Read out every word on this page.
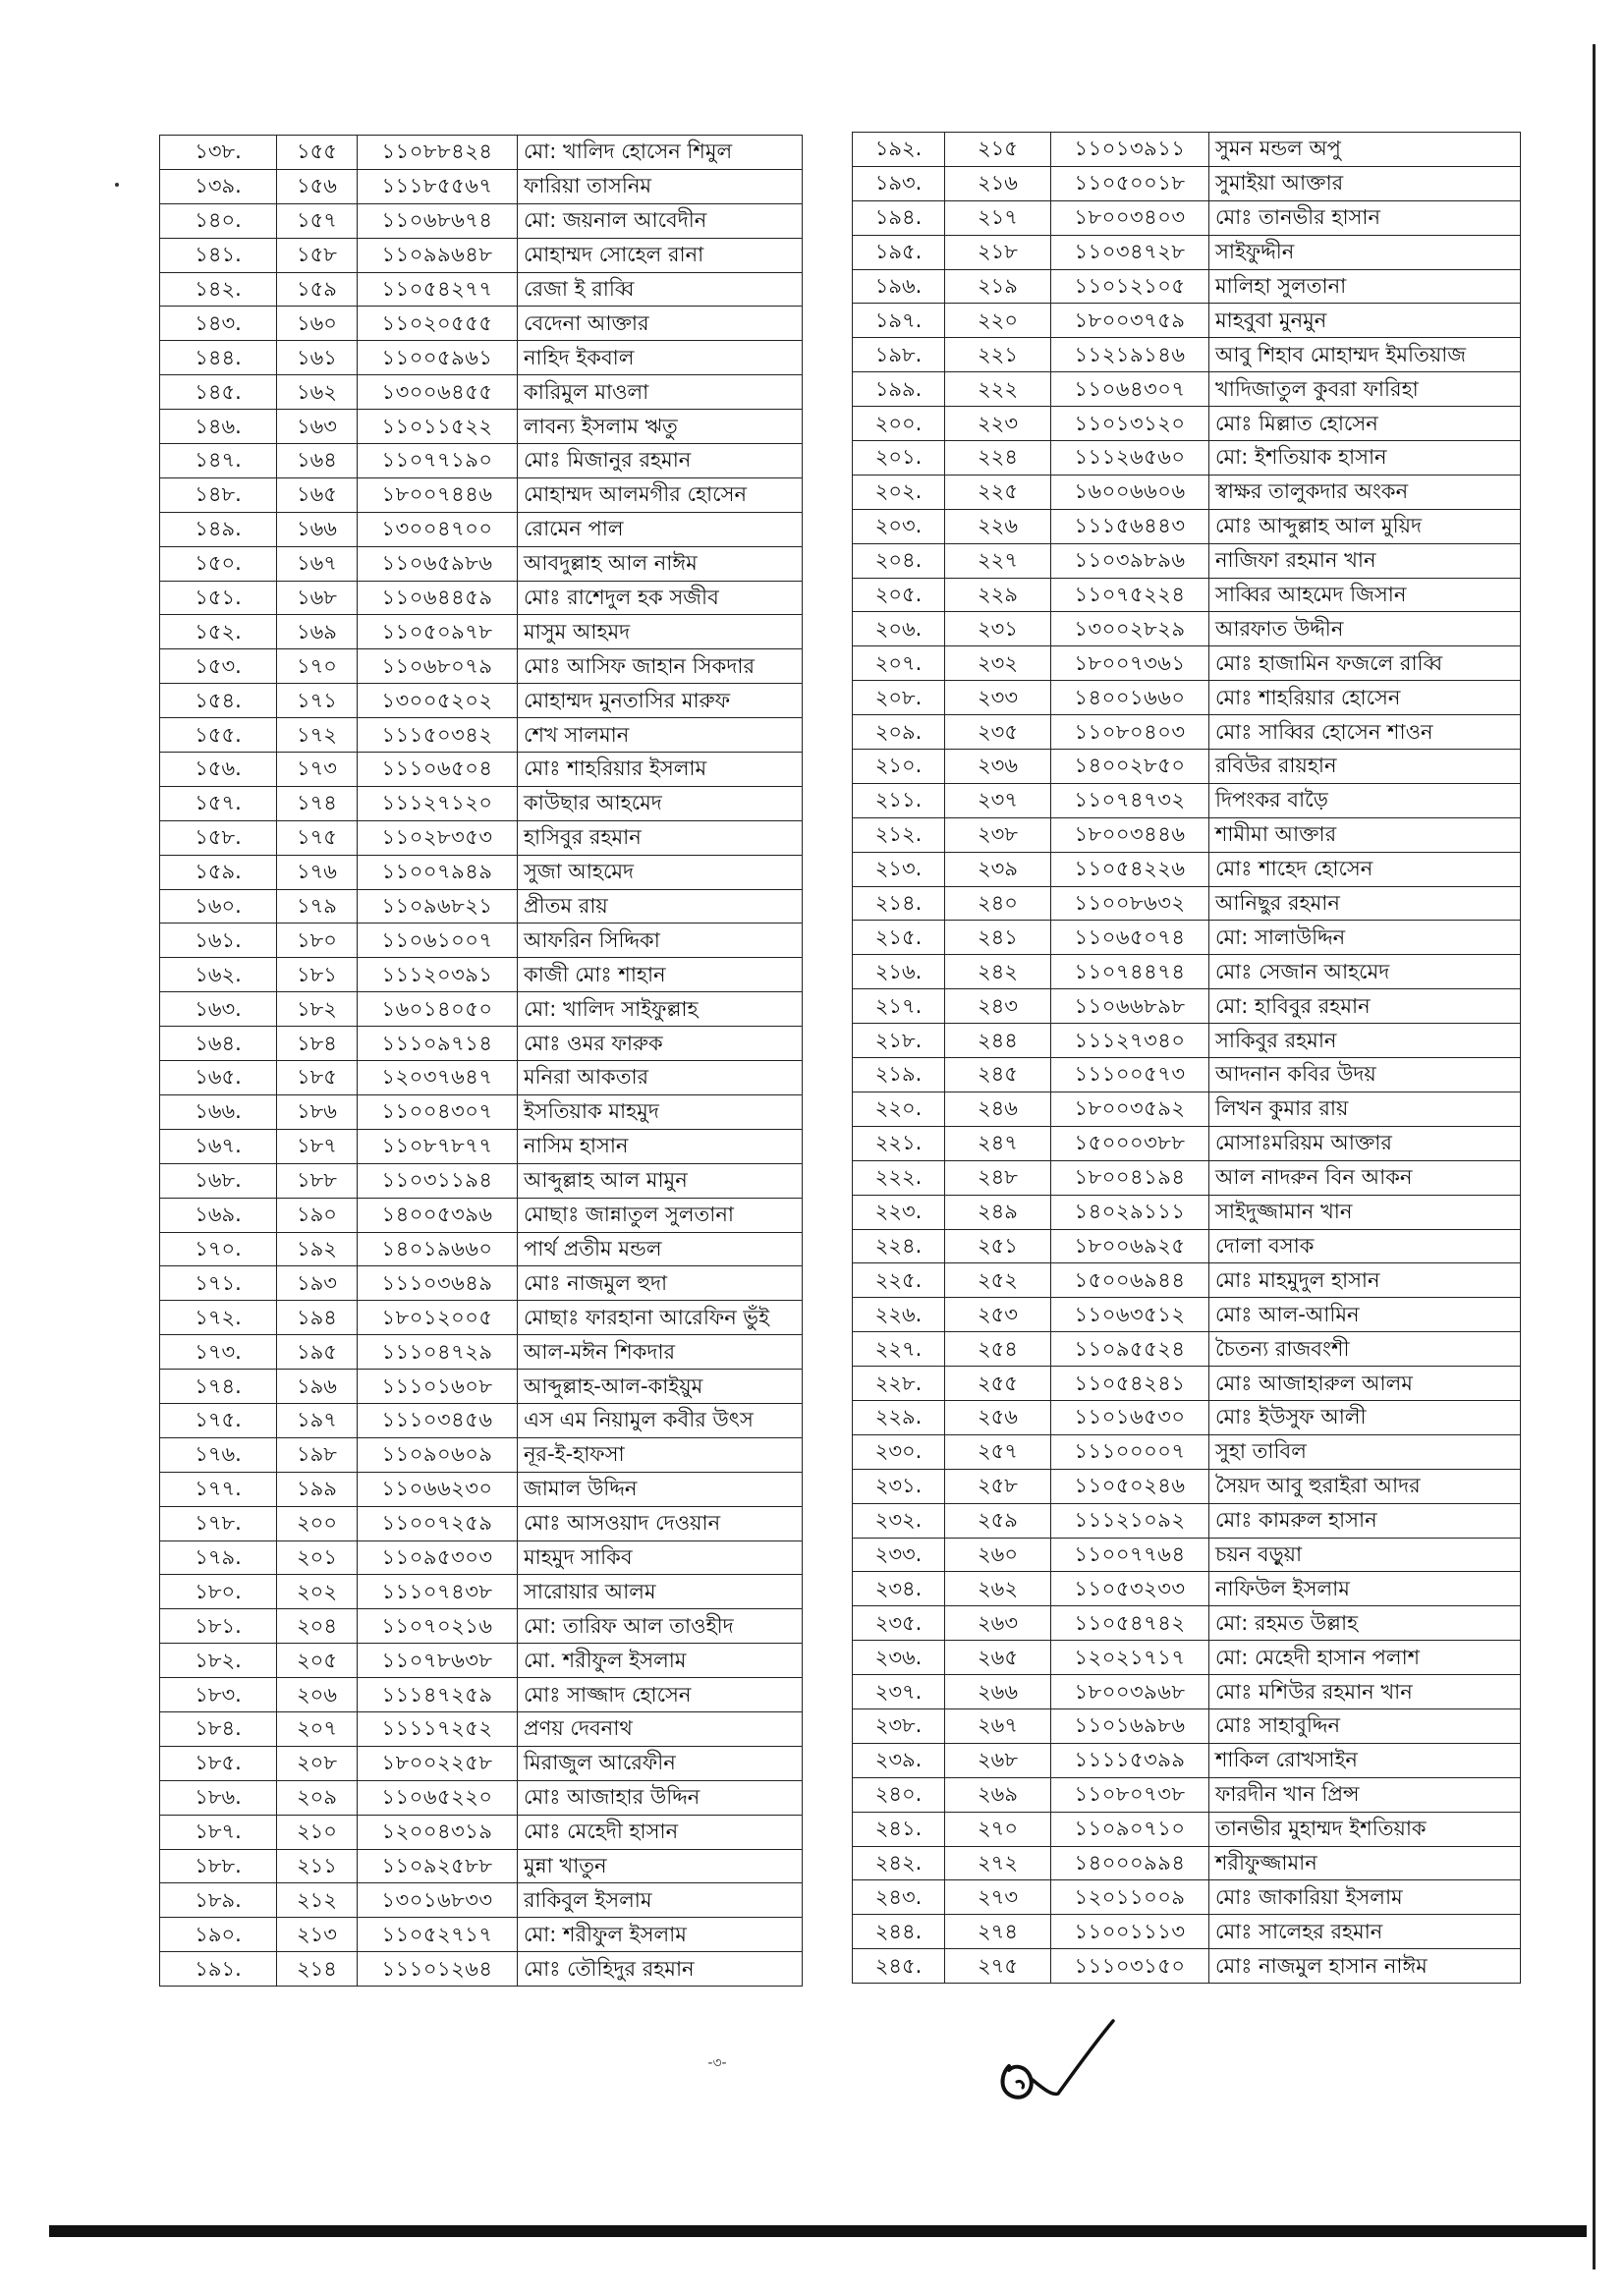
১৩৮.	১৫৫	১১০৮৮৪২৪	মো: খালিদ হোসেন শিমুল
১৩৯.	১৫৬	১১১৮৫৫৬৭	ফারিয়া তাসনিম
১৪০.	১৫৭	১১০৬৮৬৭৪	মো: জয়নাল আবেদীন
১৪১.	১৫৮	১১০৯৯৬৪৮	মোহাম্মদ সোহেল রানা
১৪২.	১৫৯	১১০৫৪২৭৭	রেজা ই রাব্বি
১৪৩.	১৬০	১১০২০৫৫৫	বেদেনা আক্তার
১৪৪.	১৬১	১১০০৫৯৬১	নাহিদ ইকবাল
১৪৫.	১৬২	১৩০০৬৪৫৫	কারিমুল মাওলা
১৪৬.	১৬৩	১১০১১৫২২	লাবন্য ইসলাম ঋতু
১৪৭.	১৬৪	১১০৭৭১৯০	মোঃ মিজানুর রহমান
১৪৮.	১৬৫	১৮০০৭৪৪৬	মোহাম্মদ আলমগীর হোসেন
১৪৯.	১৬৬	১৩০০৪৭০০	রোমেন পাল
১৫০.	১৬৭	১১০৬৫৯৮৬	আবদুল্লাহ আল নাঈম
১৫১.	১৬৮	১১০৬৪৪৫৯	মোঃ রাশেদুল হক সজীব
১৫২.	১৬৯	১১০৫০৯৭৮	মাসুম আহমদ
১৫৩.	১৭০	১১০৬৮০৭৯	মোঃ আসিফ জাহান সিকদার
১৫৪.	১৭১	১৩০০৫২০২	মোহাম্মদ মুনতাসির মারুফ
১৫৫.	১৭২	১১১৫০৩৪২	শেখ সালমান
১৫৬.	১৭৩	১১১০৬৫০৪	মোঃ শাহরিয়ার ইসলাম
১৫৭.	১৭৪	১১১২৭১২০	কাউছার আহমেদ
১৫৮.	১৭৫	১১০২৮৩৫৩	হাসিবুর রহমান
১৫৯.	১৭৬	১১০০৭৯৪৯	সুজা আহমেদ
১৬০.	১৭৯	১১০৯৬৮২১	প্রীতম রায়
১৬১.	১৮০	১১০৬১০০৭	আফরিন সিদ্দিকা
১৬২.	১৮১	১১১২০৩৯১	কাজী মোঃ শাহান
১৬৩.	১৮২	১৬০১৪০৫০	মো: খালিদ সাইফুল্লাহ
১৬৪.	১৮৪	১১১০৯৭১৪	মোঃ ওমর ফারুক
১৬৫.	১৮৫	১২০৩৭৬৪৭	মনিরা আকতার
১৬৬.	১৮৬	১১০০৪৩০৭	ইসতিয়াক মাহমুদ
১৬৭.	১৮৭	১১০৮৭৮৭৭	নাসিম হাসান
১৬৮.	১৮৮	১১০৩১১৯৪	আব্দুল্লাহ আল মামুন
১৬৯.	১৯০	১৪০০৫৩৯৬	মোছাঃ জান্নাতুল সুলতানা
১৭০.	১৯২	১৪০১৯৬৬০	পার্থ প্রতীম মন্ডল
১৭১.	১৯৩	১১১০৩৬৪৯	মোঃ নাজমুল হুদা
১৭২.	১৯৪	১৮০১২০০৫	মোছাঃ ফারহানা আরেফিন ভুঁই
১৭৩.	১৯৫	১১১০৪৭২৯	আল-মঈন শিকদার
১৭৪.	১৯৬	১১১০১৬০৮	আব্দুল্লাহ-আল-কাইয়ুম
১৭৫.	১৯৭	১১১০৩৪৫৬	এস এম নিয়ামুল কবীর উৎস
১৭৬.	১৯৮	১১০৯০৬০৯	নূর-ই-হাফসা
১৭৭.	১৯৯	১১০৬৬২৩০	জামাল উদ্দিন
১৭৮.	২০০	১১০০৭২৫৯	মোঃ আসওয়াদ দেওয়ান
১৭৯.	২০১	১১০৯৫৩০৩	মাহমুদ সাকিব
১৮০.	২০২	১১১০৭৪৩৮	সারোয়ার আলম
১৮১.	২০৪	১১০৭০২১৬	মো: তারিফ আল তাওহীদ
১৮২.	২০৫	১১০৭৮৬৩৮	মো. শরীফুল ইসলাম
১৮৩.	২০৬	১১১৪৭২৫৯	মোঃ সাজ্জাদ হোসেন
১৮৪.	২০৭	১১১১৭২৫২	প্রণয় দেবনাথ
১৮৫.	২০৮	১৮০০২২৫৮	মিরাজুল আরেফীন
১৮৬.	২০৯	১১০৬৫২২০	মোঃ আজাহার উদ্দিন
১৮৭.	২১০	১২০০৪৩১৯	মোঃ মেহেদী হাসান
১৮৮.	২১১	১১০৯২৫৮৮	মুন্না খাতুন
১৮৯.	২১২	১৩০১৬৮৩৩	রাকিবুল ইসলাম
১৯০.	২১৩	১১০৫২৭১৭	মো: শরীফুল ইসলাম
১৯১.	২১৪	১১১০১২৬৪	মোঃ তৌহিদুর রহমান
১৯২.	২১৫	১১০১৩৯১১	সুমন মন্ডল অপু
১৯৩.	২১৬	১১০৫০০১৮	সুমাইয়া আক্তার
১৯৪.	২১৭	১৮০০৩৪০৩	মোঃ তানভীর হাসান
১৯৫.	২১৮	১১০৩৪৭২৮	সাইফুদ্দীন
১৯৬.	২১৯	১১০১২১০৫	মালিহা সুলতানা
১৯৭.	২২০	১৮০০৩৭৫৯	মাহবুবা মুনমুন
১৯৮.	২২১	১১২১৯১৪৬	আবু শিহাব মোহাম্মদ ইমতিয়াজ
১৯৯.	২২২	১১০৬৪৩০৭	খাদিজাতুল কুবরা ফারিহা
২০০.	২২৩	১১০১৩১২০	মোঃ মিল্লাত হোসেন
২০১.	২২৪	১১১২৬৫৬০	মো: ইশতিয়াক হাসান
২০২.	২২৫	১৬০০৬৬০৬	স্বাক্ষর তালুকদার অংকন
২০৩.	২২৬	১১১৫৬৪৪৩	মোঃ আব্দুল্লাহ আল মুয়িদ
২০৪.	২২৭	১১০৩৯৮৯৬	নাজিফা রহমান খান
২০৫.	২২৯	১১০৭৫২২৪	সাব্বির আহমেদ জিসান
২০৬.	২৩১	১৩০০২৮২৯	আরফাত উদ্দীন
২০৭.	২৩২	১৮০০৭৩৬১	মোঃ হাজামিন ফজলে রাব্বি
২০৮.	২৩৩	১৪০০১৬৬০	মোঃ শাহরিয়ার হোসেন
২০৯.	২৩৫	১১০৮০৪০৩	মোঃ সাব্বির হোসেন শাওন
২১০.	২৩৬	১৪০০২৮৫০	রবিউর রায়হান
২১১.	২৩৭	১১০৭৪৭৩২	দিপংকর বাড়ৈ
২১২.	২৩৮	১৮০০৩৪৪৬	শামীমা আক্তার
২১৩.	২৩৯	১১০৫৪২২৬	মোঃ শাহেদ হোসেন
২১৪.	২৪০	১১০০৮৬৩২	আনিছুর রহমান
২১৫.	২৪১	১১০৬৫০৭৪	মো: সালাউদ্দিন
২১৬.	২৪২	১১০৭৪৪৭৪	মোঃ সেজান আহমেদ
২১৭.	২৪৩	১১০৬৬৮৯৮	মো: হাবিবুর রহমান
২১৮.	২৪৪	১১১২৭৩৪০	সাকিবুর রহমান
২১৯.	২৪৫	১১১০০৫৭৩	আদনান কবির উদয়
২২০.	২৪৬	১৮০০৩৫৯২	লিখন কুমার রায়
২২১.	২৪৭	১৫০০০৩৮৮	মোসাঃমরিয়ম আক্তার
২২২.	২৪৮	১৮০০৪১৯৪	আল নাদরুন বিন আকন
২২৩.	২৪৯	১৪০২৯১১১	সাইদুজ্জামান খান
২২৪.	২৫১	১৮০০৬৯২৫	দোলা বসাক
২২৫.	২৫২	১৫০০৬৯৪৪	মোঃ মাহমুদুল হাসান
২২৬.	২৫৩	১১০৬৩৫১২	মোঃ আল-আমিন
২২৭.	২৫৪	১১০৯৫৫২৪	চৈতন্য রাজবংশী
২২৮.	২৫৫	১১০৫৪২৪১	মোঃ আজাহারুল আলম
২২৯.	২৫৬	১১০১৬৫৩০	মোঃ ইউসুফ আলী
২৩০.	২৫৭	১১১০০০০৭	সুহা তাবিল
২৩১.	২৫৮	১১০৫০২৪৬	সৈয়দ আবু হুরাইরা আদর
২৩২.	২৫৯	১১১২১০৯২	মোঃ কামরুল হাসান
২৩৩.	২৬০	১১০০৭৭৬৪	চয়ন বড়ুয়া
২৩৪.	২৬২	১১০৫৩২৩৩	নাফিউল ইসলাম
২৩৫.	২৬৩	১১০৫৪৭৪২	মো: রহমত উল্লাহ
২৩৬.	২৬৫	১২০২১৭১৭	মো: মেহেদী হাসান পলাশ
২৩৭.	২৬৬	১৮০০৩৯৬৮	মোঃ মশিউর রহমান খান
২৩৮.	২৬৭	১১০১৬৯৮৬	মোঃ সাহাবুদ্দিন
২৩৯.	২৬৮	১১১১৫৩৯৯	শাকিল রোখসাইন
২৪০.	২৬৯	১১০৮০৭৩৮	ফারদীন খান প্রিন্স
২৪১.	২৭০	১১০৯০৭১০	তানভীর মুহাম্মদ ইশতিয়াক
২৪২.	২৭২	১৪০০০৯৯৪	শরীফুজ্জামান
২৪৩.	২৭৩	১২০১১০০৯	মোঃ জাকারিয়া ইসলাম
২৪৪.	২৭৪	১১০০১১১৩	মোঃ সালেহর রহমান
২৪৫.	২৭৫	১১১০৩১৫০	মোঃ নাজমুল হাসান নাঈম
-৩-
